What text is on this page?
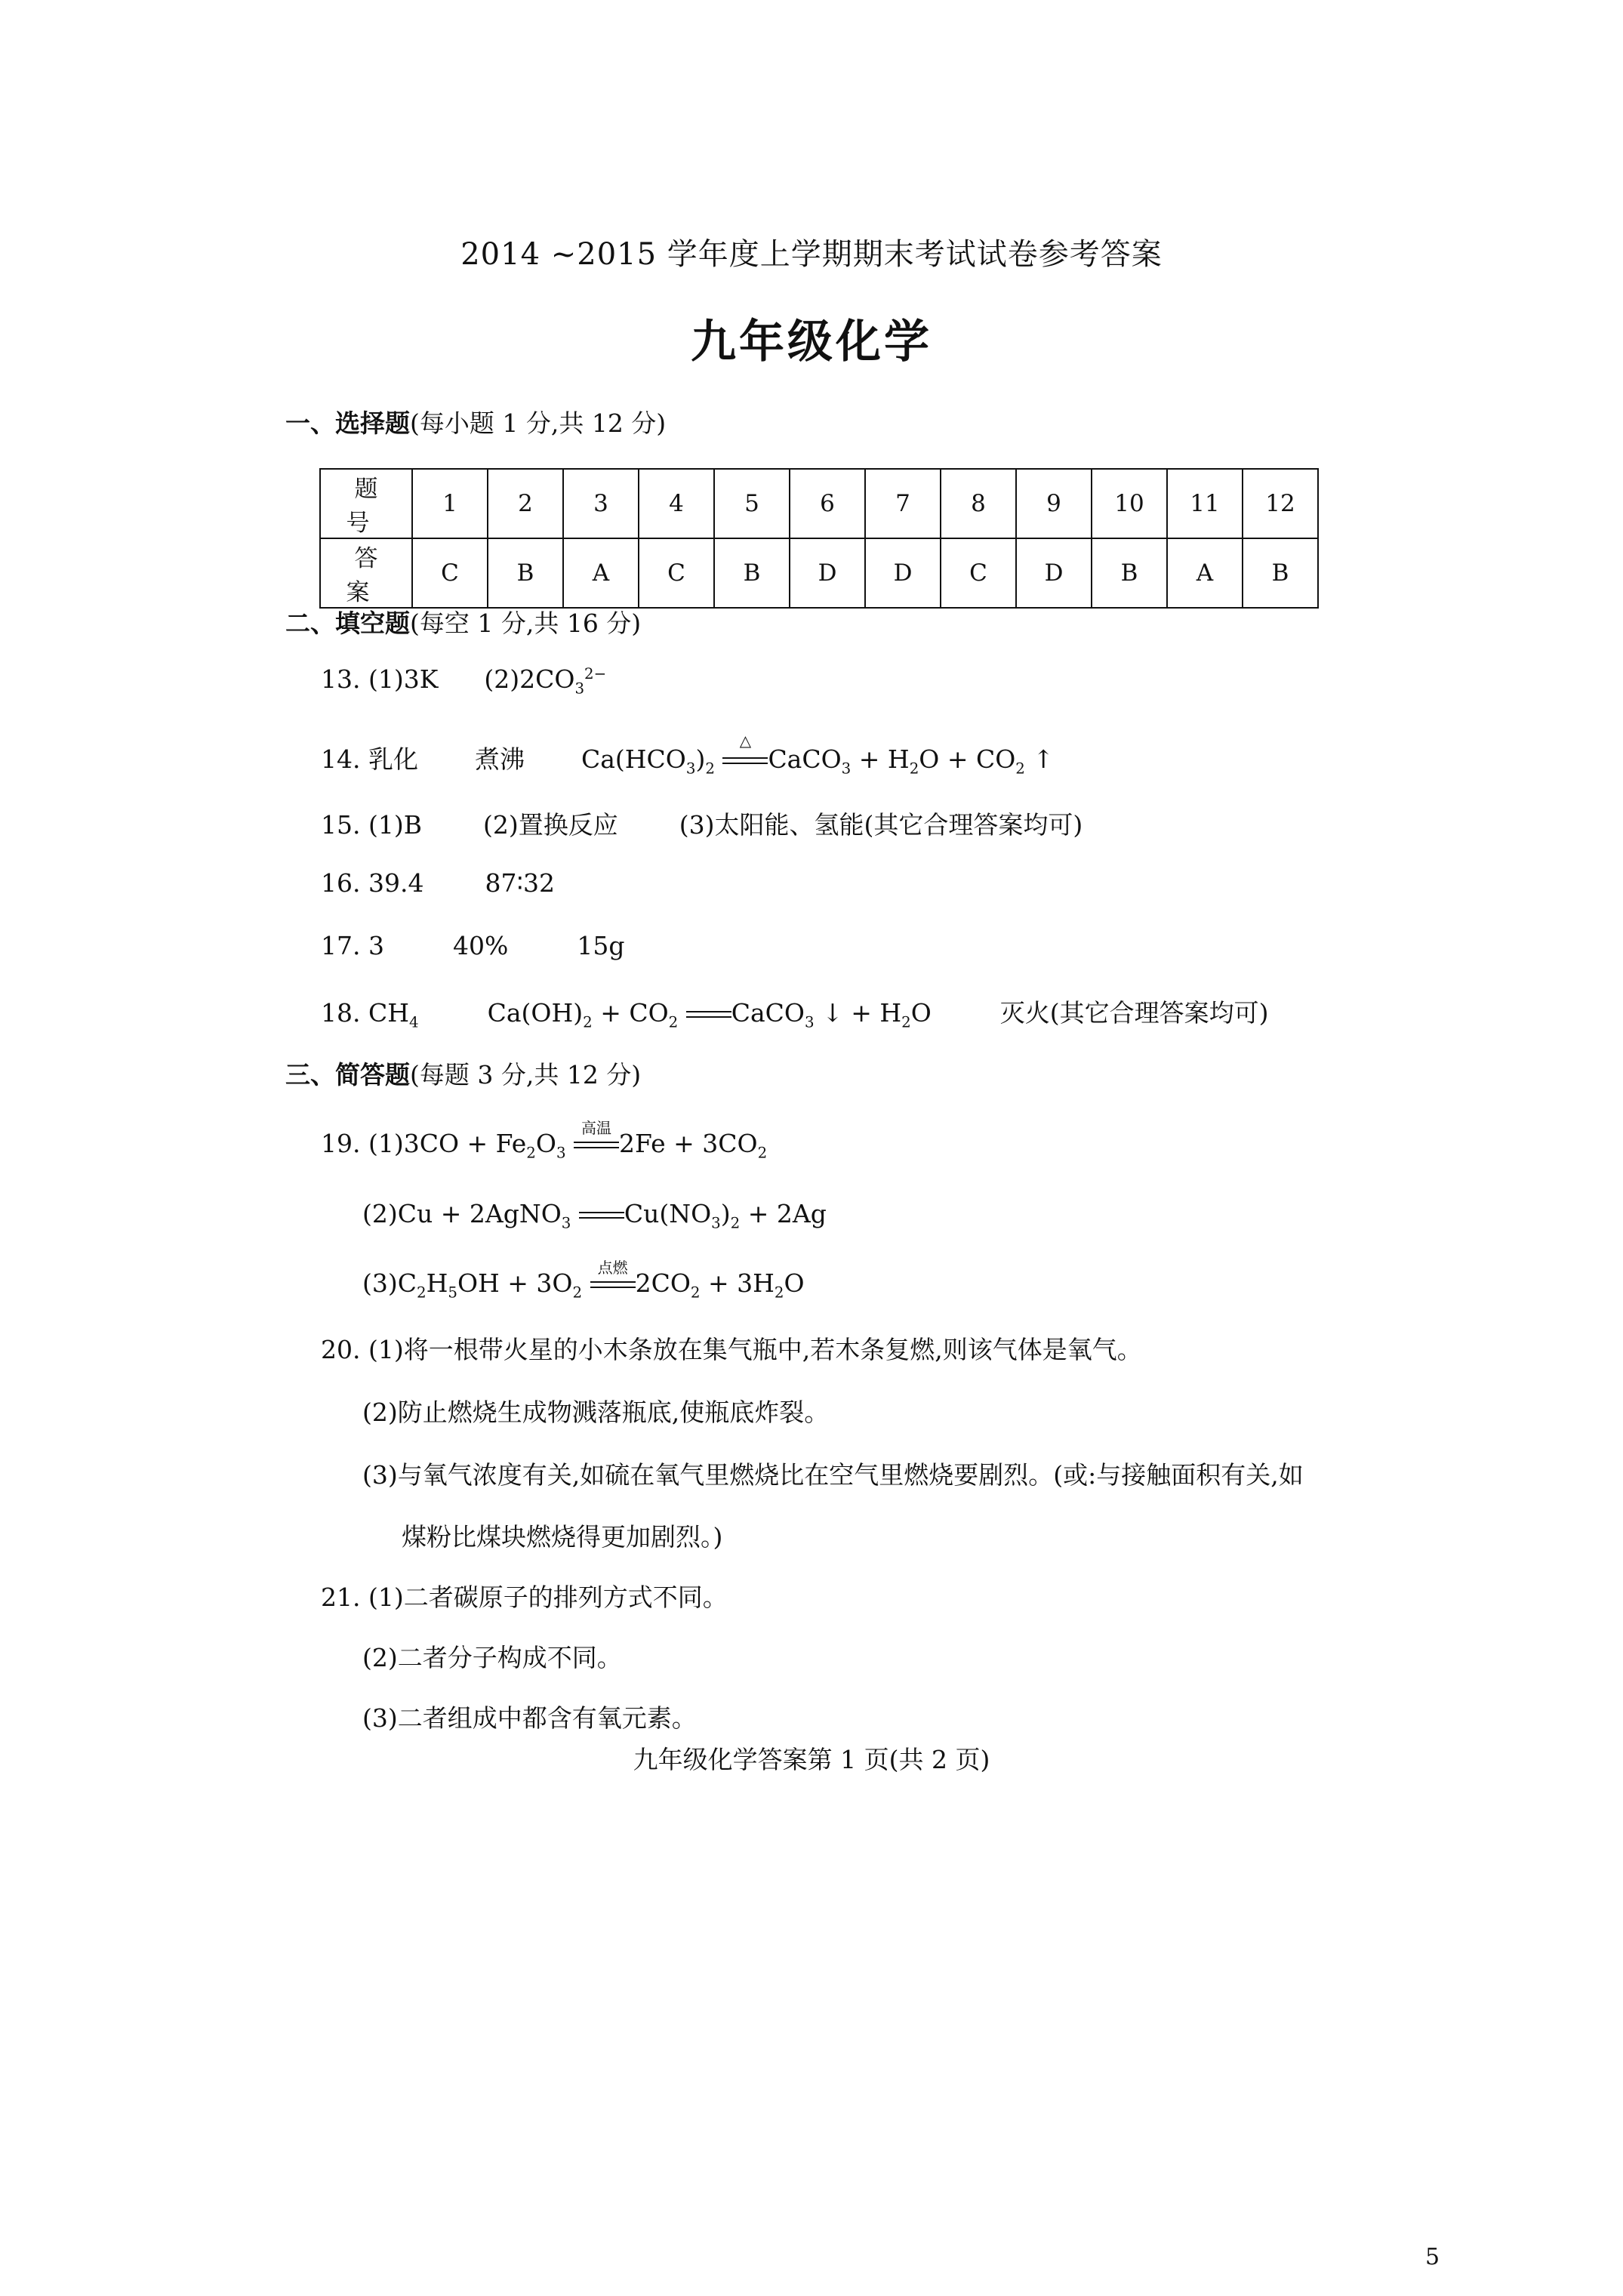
2014 ~2015 学年度上学期期末考试试卷参考答案
九年级化学
一、选择题(每小题 1 分,共 12 分)
题号	1	2	3	4	5	6	7	8	9	10	11	12
答案	C	B	A	C	B	D	D	C	D	B	A	B
二、填空题(每空 1 分,共 16 分)
13. (1)3K $(2)2CO_3^{2-}$
14. 乳化 煮沸 $Ca(HCO_3)_2$
△
CaCO$_3$ + $H_2O + CO_2$ ↑
15. (1)B (2)置换反应 (3)太阳能、氢能(其它合理答案均可)
16. 39.4 87∶32
17. 3	40%	15g
18. $CH_4$	$Ca(OH)_2 + CO_2$ CaCO$_3$ ↓ + $H_2O$	灭火(其它合理答案均可)
三、简答题(每题 3 分,共 12 分)
19. $(1)3CO + Fe_2O_3$
高温
$2Fe + 3CO_2$
(2)Cu + 2AgNO$_3$ $Cu(NO_3)_2 + 2Ag$
$(3)C_2H_5OH + 3O_2$
点燃
$2CO_2 + 3H_2O$
20. (1)将一根带火星的小木条放在集气瓶中,若木条复燃,则该气体是氧气。
(2)防止燃烧生成物溅落瓶底,使瓶底炸裂。
(3)与氧气浓度有关,如硫在氧气里燃烧比在空气里燃烧要剧烈。(或:与接触面积有关,如
煤粉比煤块燃烧得更加剧烈。)
21. (1)二者碳原子的排列方式不同。
(2)二者分子构成不同。
(3)二者组成中都含有氧元素。
九年级化学答案第 1 页(共 2 页)
5
